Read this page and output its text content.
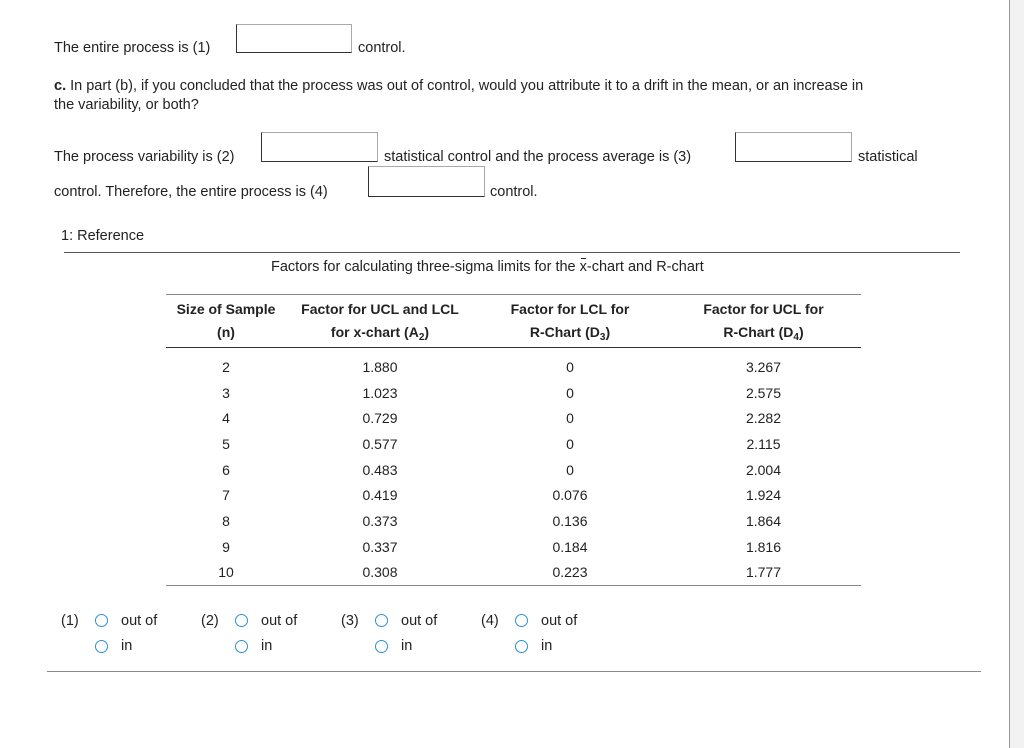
The entire process is (1)	control.
c. In part (b), if you concluded that the process was out of control, would you attribute it to a drift in the mean, or an increase in
the variability, or both?
The process variability is (2)	statistical control and the process average is (3)	statistical
control. Therefore, the entire process is (4)	control.
1: Reference
Factors for calculating three-sigma limits for the x-chart and R-chart
Size of Sample	Factor for UCL and LCL	Factor for LCL for	Factor for UCL for
(n)	for x-chart $(A_2)$	R-Chart $(D_3)$	R-Chart $(D_4)$

2	1.880	0	3.267
3	1.023	0	2.575
4	0.729	0	2.282
5	0.577	0	2.115
6	0.483	0	2.004
7	0.419	0.076	1.924
8	0.373	0.136	1.864
9	0.337	0.184	1.816
10	0.308	0.223	1.777
(1)	out of
in
(2)	out of
in
(3)	out of
in
(4)	out of
in
